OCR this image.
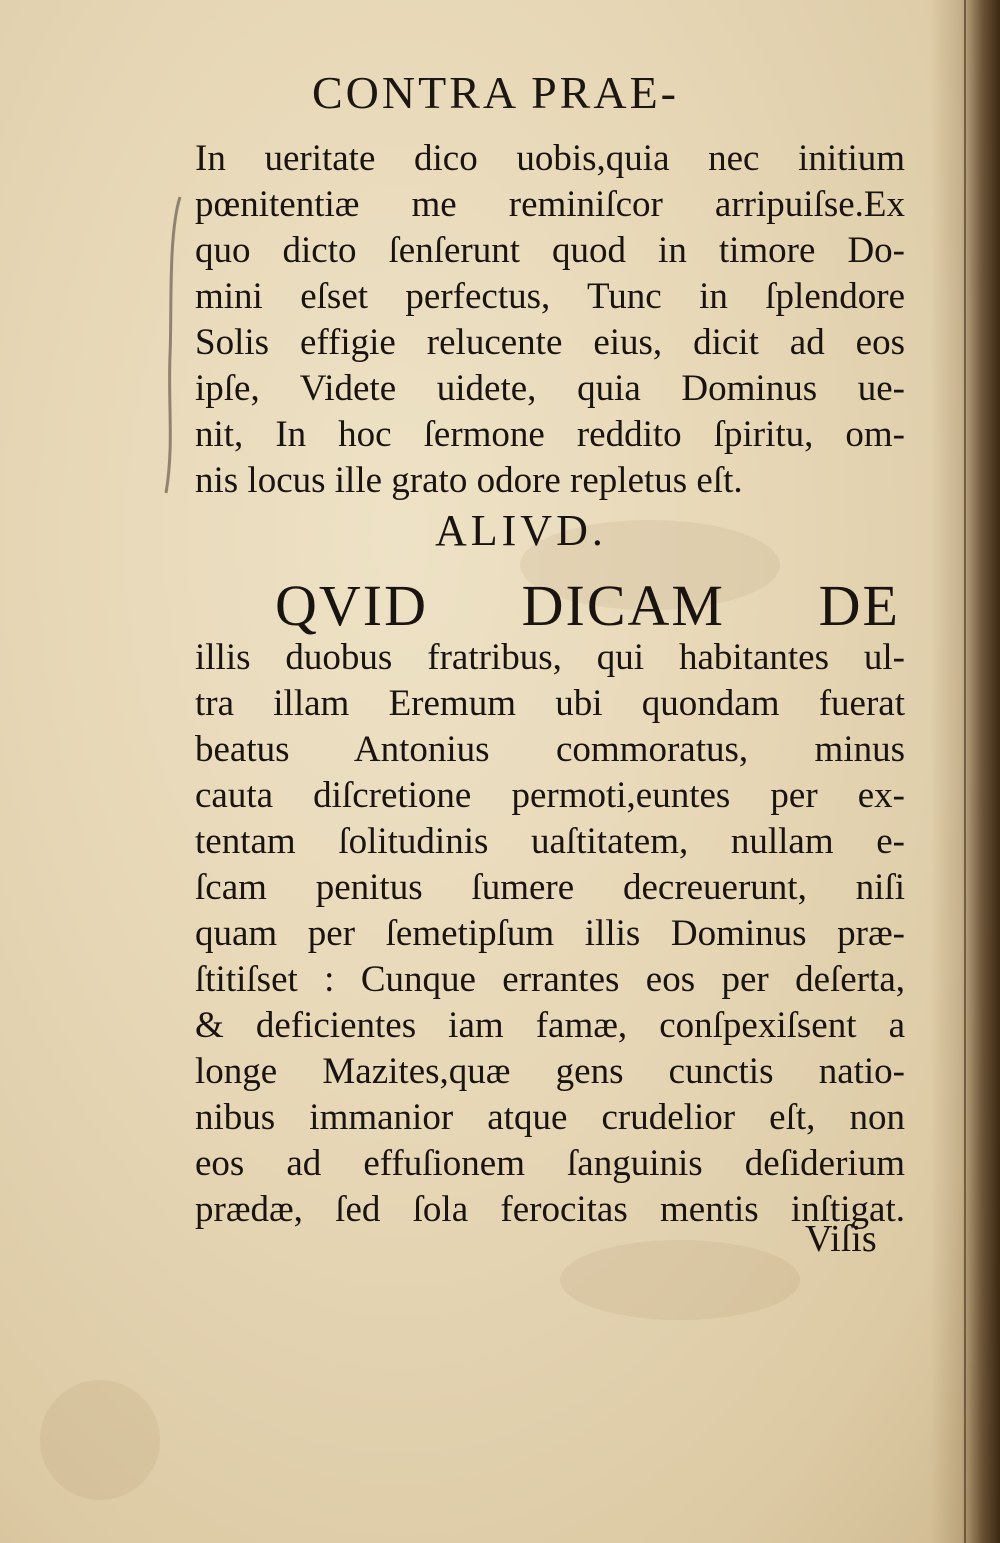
CONTRA PRAE-
In ueritate dico uobis,quia nec initium
pœnitentiæ me reminiſcor arripuiſse.Ex
quo dicto ſenſerunt quod in timore Do-
mini eſset perfectus, Tunc in ſplendore
Solis effigie relucente eius, dicit ad eos
ipſe, Videte uidete, quia Dominus ue-
nit, In hoc ſermone reddito ſpiritu, om-
nis locus ille grato odore repletus eſt.
ALIVD.
QVID DICAM DE
illis duobus fratribus, qui habitantes ul-
tra illam Eremum ubi quondam fuerat
beatus Antonius commoratus, minus
cauta diſcretione permoti,euntes per ex-
tentam ſolitudinis uaſtitatem, nullam e-
ſcam penitus ſumere decreuerunt, niſi
quam per ſemetipſum illis Dominus præ-
ſtitiſset : Cunque errantes eos per deſerta,
& deficientes iam famæ, conſpexiſsent a
longe Mazites,quæ gens cunctis natio-
nibus immanior atque crudelior eſt, non
eos ad effuſionem ſanguinis deſiderium
prædæ, ſed ſola ferocitas mentis inſtigat.
Viſis
